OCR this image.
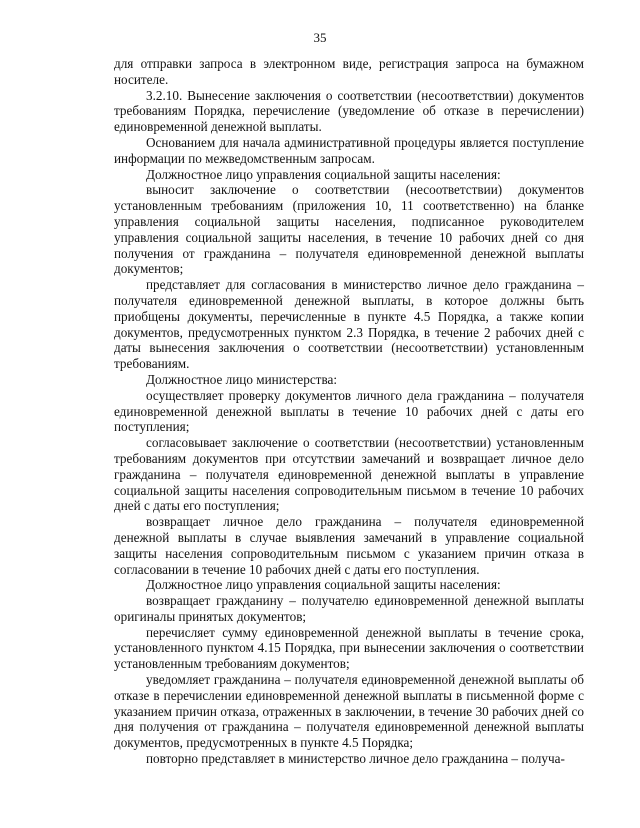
35

для отправки запроса в электронном виде, регистрация запроса на бумажном носителе.

3.2.10. Вынесение заключения о соответствии (несоответствии) документов требованиям Порядка, перечисление (уведомление об отказе в перечислении) единовременной денежной выплаты.

Основанием для начала административной процедуры является поступление информации по межведомственным запросам.

Должностное лицо управления социальной защиты населения:

выносит заключение о соответствии (несоответствии) документов установленным требованиям (приложения 10, 11 соответственно) на бланке управления социальной защиты населения, подписанное руководителем управления социальной защиты населения, в течение 10 рабочих дней со дня получения от гражданина – получателя единовременной денежной выплаты документов;

представляет для согласования в министерство личное дело гражданина – получателя единовременной денежной выплаты, в которое должны быть приобщены документы, перечисленные в пункте 4.5 Порядка, а также копии документов, предусмотренных пунктом 2.3 Порядка, в течение 2 рабочих дней с даты вынесения заключения о соответствии (несоответствии) установленным требованиям.

Должностное лицо министерства:

осуществляет проверку документов личного дела гражданина – получателя единовременной денежной выплаты в течение 10 рабочих дней с даты его поступления;

согласовывает заключение о соответствии (несоответствии) установленным требованиям документов при отсутствии замечаний и возвращает личное дело гражданина – получателя единовременной денежной выплаты в управление социальной защиты населения сопроводительным письмом в течение 10 рабочих дней с даты его поступления;

возвращает личное дело гражданина – получателя единовременной денежной выплаты в случае выявления замечаний в управление социальной защиты населения сопроводительным письмом с указанием причин отказа в согласовании в течение 10 рабочих дней с даты его поступления.

Должностное лицо управления социальной защиты населения:

возвращает гражданину – получателю единовременной денежной выплаты оригиналы принятых документов;

перечисляет сумму единовременной денежной выплаты в течение срока, установленного пунктом 4.15 Порядка, при вынесении заключения о соответствии установленным требованиям документов;

уведомляет гражданина – получателя единовременной денежной выплаты об отказе в перечислении единовременной денежной выплаты в письменной форме с указанием причин отказа, отраженных в заключении, в течение 30 рабочих дней со дня получения от гражданина – получателя единовременной денежной выплаты документов, предусмотренных в пункте 4.5 Порядка;

повторно представляет в министерство личное дело гражданина – получа-
